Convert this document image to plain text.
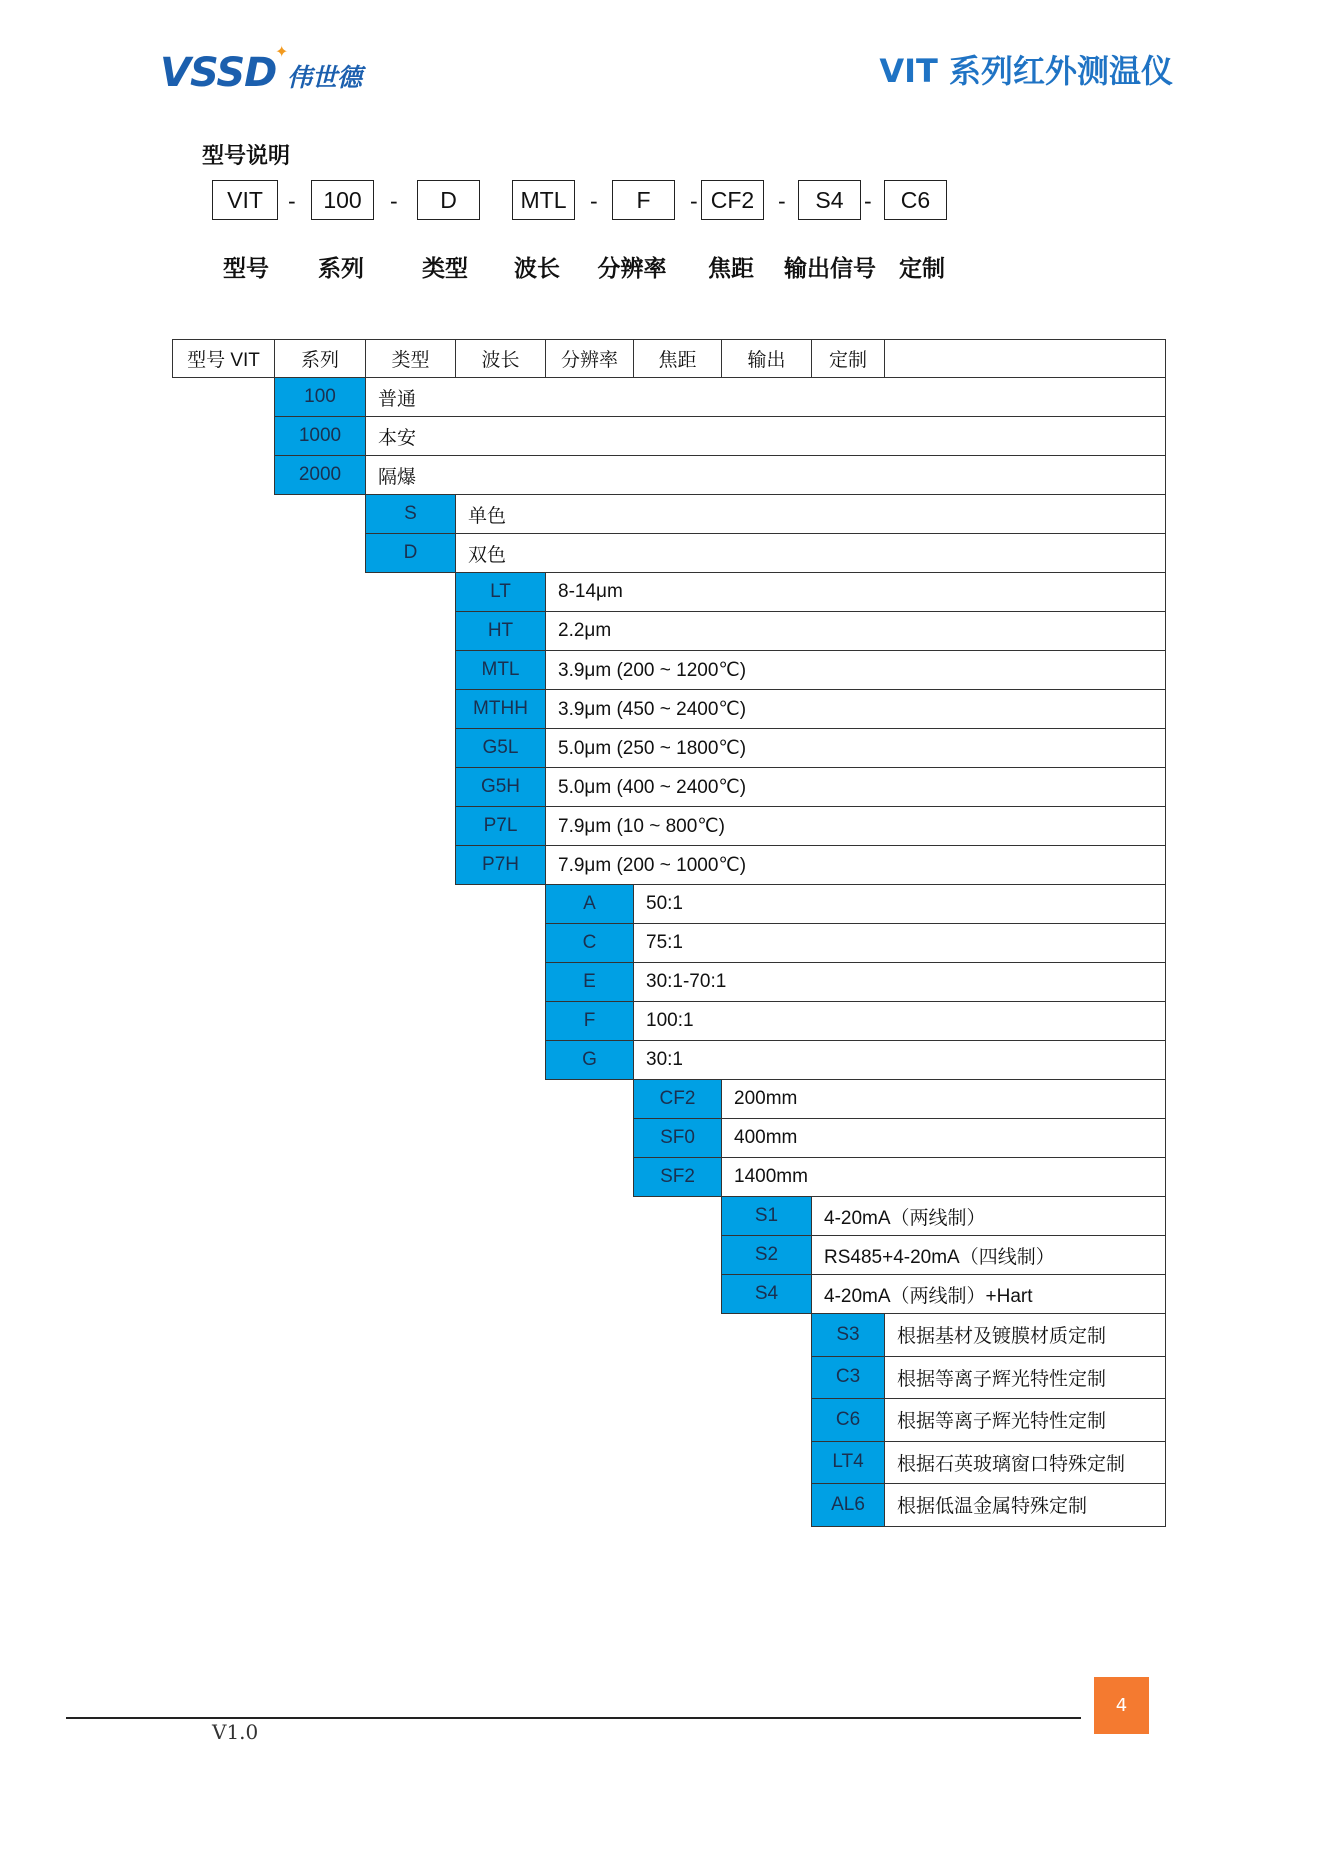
VSSD
✦
伟世德	VIT 系列红外测温仪
型号说明
VIT
型号
100
系列
D
类型
MTL
波长
F
分辨率
CF2
焦距
S4
输出信号
C6
定制
-	-	-	-	-	-
型号 VIT	系列	类型	波长	分辨率	焦距	输出	定制
100	普通
1000	本安
2000	隔爆
S	单色
D	双色
LT	8-14μm
HT	2.2μm
MTL	3.9μm (200 ~ 1200℃)
MTHH	3.9μm (450 ~ 2400℃)
G5L	5.0μm (250 ~ 1800℃)
G5H	5.0μm (400 ~ 2400℃)
P7L	7.9μm (10 ~ 800℃)
P7H	7.9μm (200 ~ 1000℃)
A	50:1
C	75:1
E	30:1-70:1
F	100:1
G	30:1
CF2	200mm
SF0	400mm
SF2	1400mm
S1	4-20mA（两线制）
S2	RS485+4-20mA（四线制）
S4	4-20mA（两线制）+Hart
S3	根据基材及镀膜材质定制
C3	根据等离子辉光特性定制
C6	根据等离子辉光特性定制
LT4	根据石英玻璃窗口特殊定制
AL6	根据低温金属特殊定制
V1.0
4
